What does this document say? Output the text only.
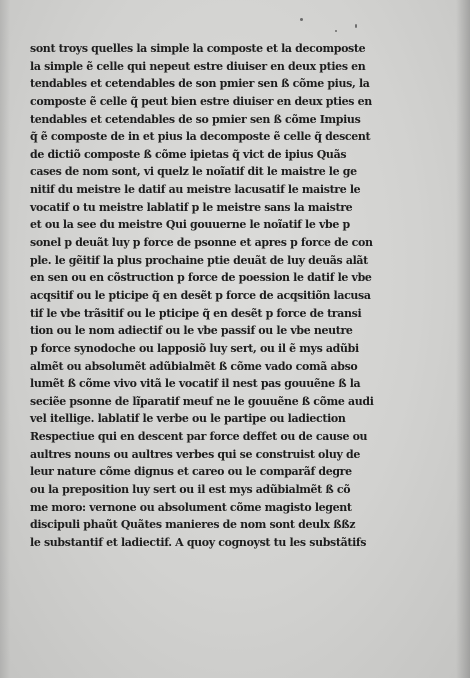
sont troys quelles la simple la composte et la decomposte
la simple ẽ celle qui nepeut estre diuiser en deux pties en
tendables et cetendables de son pmier sen ß cõme pius, la
composte ẽ celle q̃ peut bien estre diuiser en deux pties en
tendables et cetendables de so pmier sen ß cõme Impius
q̃ ẽ composte de in et pius la decomposte ẽ celle q̃ descent
de dictiõ composte ß cõme ipietas q̃ vict de ipius Quãs
cases de nom sont, vi quelz le noĩatif dit le maistre le ge
nitif du meistre le datif au meistre lacusatif le maistre le
vocatif o tu meistre lablatif p le meistre sans la maistre
et ou la see du meistre Qui gouuerne le noĩatif le vbe p
sonel p deuãt luy p force de psonne et apres p force de con
ple. le gẽitif la plus prochaine ptie deuãt de luy deuãs alãt
en sen ou en cõstruction p force de poession le datif le vbe
acqsitif ou le pticipe q̃ en desẽt p force de acqsitiõn lacusa
tif le vbe trãsitif ou le pticipe q̃ en desẽt p force de transi
tion ou le nom adiectif ou le vbe passif ou le vbe neutre
p force synodoche ou lapposiõ luy sert, ou il ẽ mys adũbi
almẽt ou absolumẽt adũbialmẽt ß cõme vado comã abso
lumẽt ß cõme vivo vitã le vocatif il nest pas gouuẽne ß la
seciẽe psonne de lĩparatif meuf ne le gouuẽne ß cõme audi
vel itellige. lablatif le verbe ou le partipe ou ladiection
Respectiue qui en descent par force deffet ou de cause ou
aultres nouns ou aultres verbes qui se construist oluy de
leur nature cõme dignus et careo ou le comparãf degre
ou la preposition luy sert ou il est mys adũbialmẽt ß cõ
me moro: vernone ou absolument cõme magisto legent
discipuli phaũt Quãtes manieres de nom sont deulx ßßz
le substantif et ladiectif. A quoy cognoyst tu les substãtifs
